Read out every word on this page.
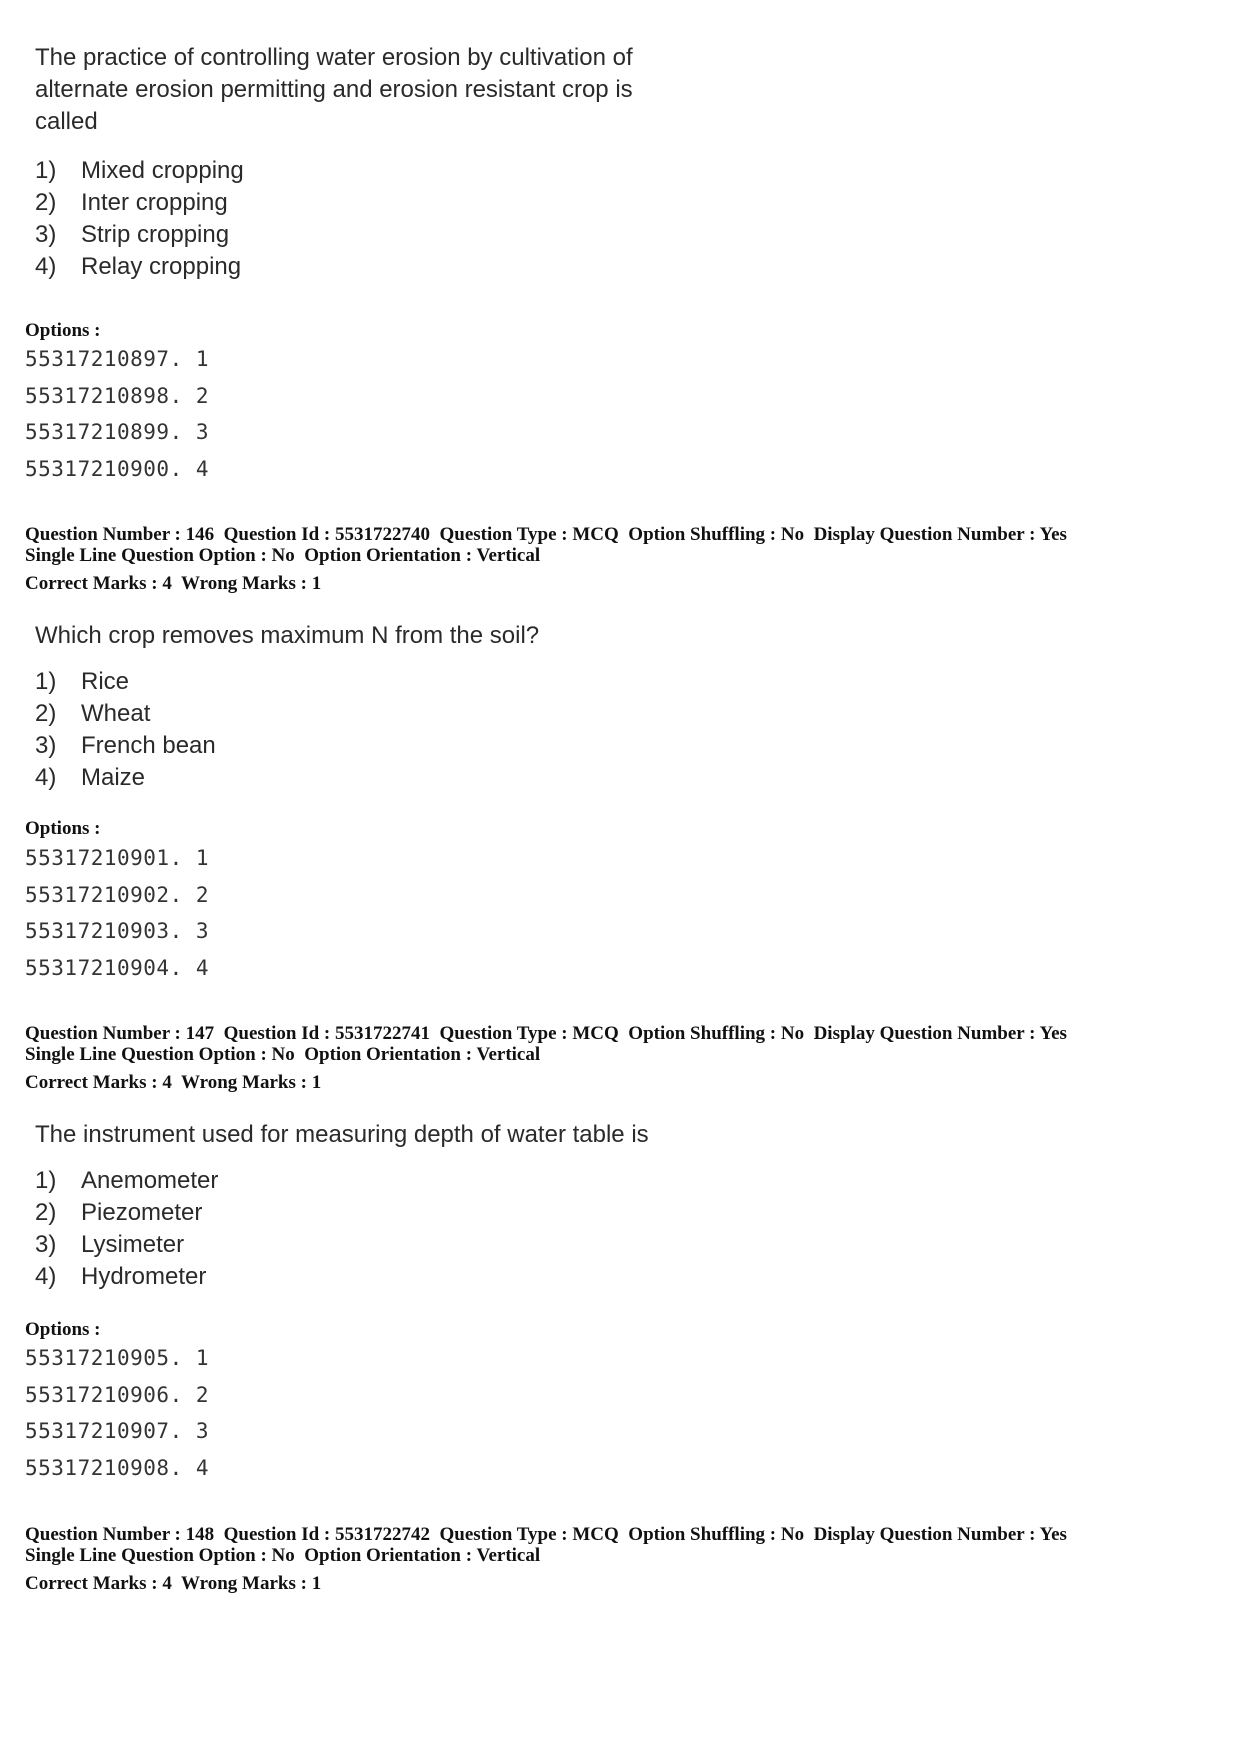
The practice of controlling water erosion by cultivation of alternate erosion permitting and erosion resistant crop is called
1) Mixed cropping
2) Inter cropping
3) Strip cropping
4) Relay cropping
Options :
55317210897. 1
55317210898. 2
55317210899. 3
55317210900. 4
Question Number : 146  Question Id : 5531722740  Question Type : MCQ  Option Shuffling : No  Display Question Number : Yes
Single Line Question Option : No  Option Orientation : Vertical
Correct Marks : 4  Wrong Marks : 1
Which crop removes maximum N from the soil?
1) Rice
2) Wheat
3) French bean
4) Maize
Options :
55317210901. 1
55317210902. 2
55317210903. 3
55317210904. 4
Question Number : 147  Question Id : 5531722741  Question Type : MCQ  Option Shuffling : No  Display Question Number : Yes
Single Line Question Option : No  Option Orientation : Vertical
Correct Marks : 4  Wrong Marks : 1
The instrument used for measuring depth of water table is
1) Anemometer
2) Piezometer
3) Lysimeter
4) Hydrometer
Options :
55317210905. 1
55317210906. 2
55317210907. 3
55317210908. 4
Question Number : 148  Question Id : 5531722742  Question Type : MCQ  Option Shuffling : No  Display Question Number : Yes
Single Line Question Option : No  Option Orientation : Vertical
Correct Marks : 4  Wrong Marks : 1
